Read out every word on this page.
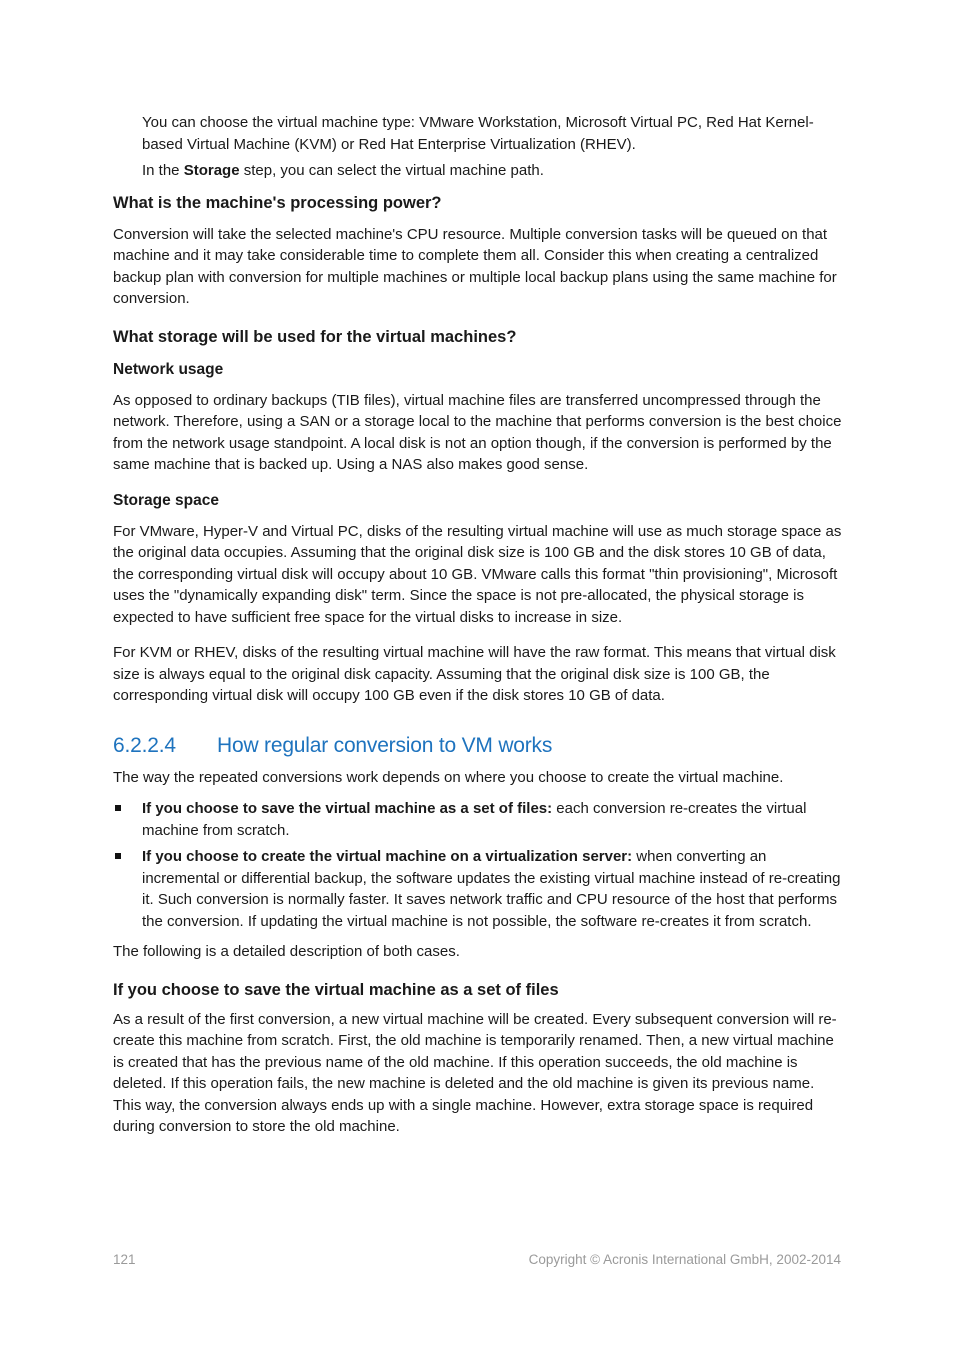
You can choose the virtual machine type: VMware Workstation, Microsoft Virtual PC, Red Hat Kernel-based Virtual Machine (KVM) or Red Hat Enterprise Virtualization (RHEV).

In the Storage step, you can select the virtual machine path.

What is the machine's processing power?

Conversion will take the selected machine's CPU resource. Multiple conversion tasks will be queued on that machine and it may take considerable time to complete them all. Consider this when creating a centralized backup plan with conversion for multiple machines or multiple local backup plans using the same machine for conversion.

What storage will be used for the virtual machines?
Network usage

As opposed to ordinary backups (TIB files), virtual machine files are transferred uncompressed through the network. Therefore, using a SAN or a storage local to the machine that performs conversion is the best choice from the network usage standpoint. A local disk is not an option though, if the conversion is performed by the same machine that is backed up. Using a NAS also makes good sense.

Storage space

For VMware, Hyper-V and Virtual PC, disks of the resulting virtual machine will use as much storage space as the original data occupies. Assuming that the original disk size is 100 GB and the disk stores 10 GB of data, the corresponding virtual disk will occupy about 10 GB. VMware calls this format "thin provisioning", Microsoft uses the "dynamically expanding disk" term. Since the space is not pre-allocated, the physical storage is expected to have sufficient free space for the virtual disks to increase in size.

For KVM or RHEV, disks of the resulting virtual machine will have the raw format. This means that virtual disk size is always equal to the original disk capacity. Assuming that the original disk size is 100 GB, the corresponding virtual disk will occupy 100 GB even if the disk stores 10 GB of data.

6.2.2.4	How regular conversion to VM works

The way the repeated conversions work depends on where you choose to create the virtual machine.

If you choose to save the virtual machine as a set of files: each conversion re-creates the virtual machine from scratch.
If you choose to create the virtual machine on a virtualization server: when converting an incremental or differential backup, the software updates the existing virtual machine instead of re-creating it. Such conversion is normally faster. It saves network traffic and CPU resource of the host that performs the conversion. If updating the virtual machine is not possible, the software re-creates it from scratch.

The following is a detailed description of both cases.

If you choose to save the virtual machine as a set of files

As a result of the first conversion, a new virtual machine will be created. Every subsequent conversion will re-create this machine from scratch. First, the old machine is temporarily renamed. Then, a new virtual machine is created that has the previous name of the old machine. If this operation succeeds, the old machine is deleted. If this operation fails, the new machine is deleted and the old machine is given its previous name. This way, the conversion always ends up with a single machine. However, extra storage space is required during conversion to store the old machine.

121	Copyright © Acronis International GmbH, 2002-2014
